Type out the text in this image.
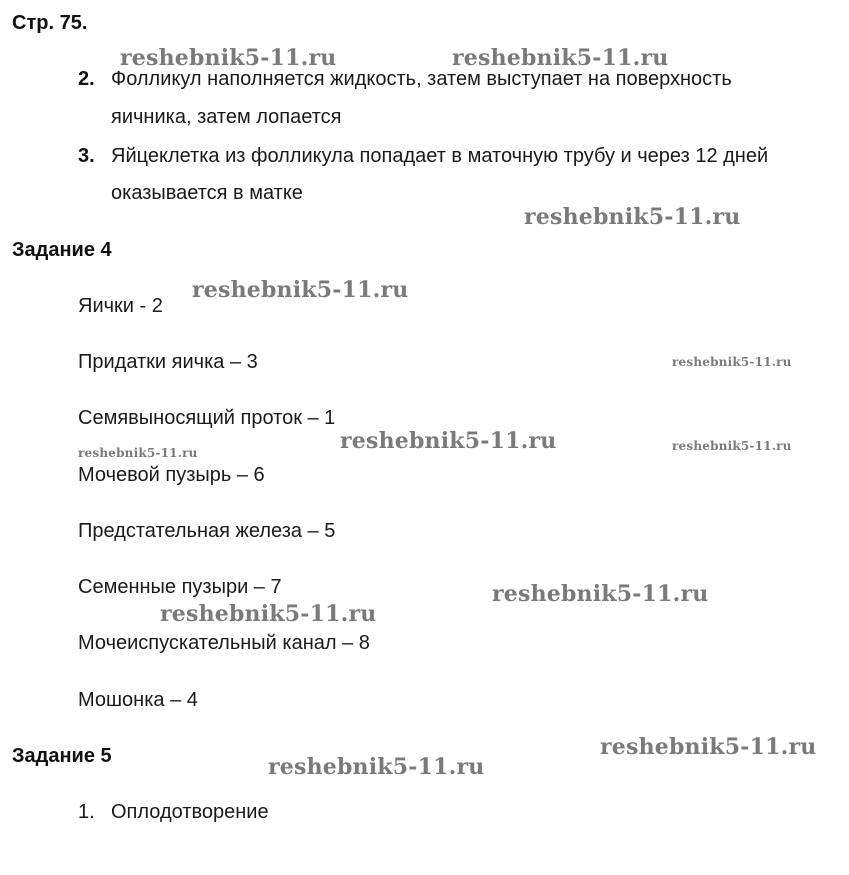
Стр. 75.
2. Фолликул наполняется жидкость, затем выступает на поверхность
яичника, затем лопается
3. Яйцеклетка из фолликула попадает в маточную трубу и через 12 дней
оказывается в матке
Задание 4
Яички - 2
Придатки яичка – 3
Семявыносящий проток – 1
Мочевой пузырь – 6
Предстательная железа – 5
Семенные пузыри – 7
Мочеиспускательный канал – 8
Мошонка – 4
Задание 5
1. Оплодотворение
reshebnik5-11.ru	reshebnik5-11.ru
reshebnik5-11.ru
reshebnik5-11.ru
reshebnik5-11.ru
reshebnik5-11.ru	reshebnik5-11.ru
reshebnik5-11.ru
reshebnik5-11.ru
reshebnik5-11.ru
reshebnik5-11.ru
reshebnik5-11.ru
